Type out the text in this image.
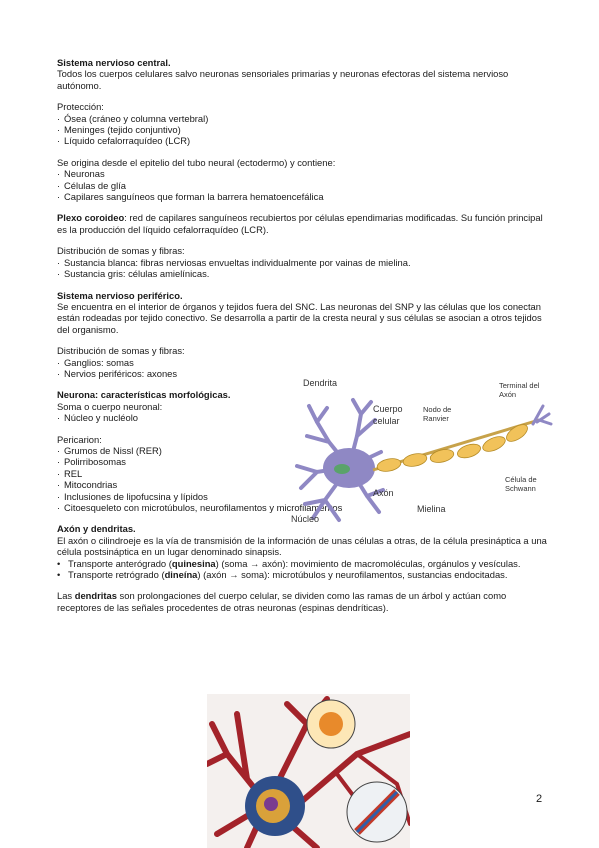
Sistema nervioso central.

Todos los cuerpos celulares salvo neuronas sensoriales primarias y neuronas efectoras del sistema nervioso autónomo.

Protección:

· Ósea (cráneo y columna vertebral)
· Meninges (tejido conjuntivo)
· Líquido cefalorraquídeo (LCR)

Se origina desde el epitelio del tubo neural (ectodermo) y contiene:

· Neuronas
· Células de glía
· Capilares sanguíneos que forman la barrera hematoencefálica

Plexo coroideo: red de capilares sanguíneos recubiertos por células ependimarias modificadas. Su función principal es la producción del líquido cefalorraquídeo (LCR).

Distribución de somas y fibras:

· Sustancia blanca: fibras nerviosas envueltas individualmente por vainas de mielina.
· Sustancia gris: células amielínicas.

Sistema nervioso periférico.

Se encuentra en el interior de órganos y tejidos fuera del SNC. Las neuronas del SNP y las células que los conectan están rodeadas por tejido conectivo. Se desarrolla a partir de la cresta neural y sus células se asocian a otros tejidos del organismo.

Distribución de somas y fibras:

· Ganglios: somas
· Nervios periféricos: axones

Neurona: características morfológicas.

Soma o cuerpo neuronal:

· Núcleo y nucléolo

Pericarion:

· Grumos de Nissl (RER)
· Polirribosomas
· REL
· Mitocondrias
· Inclusiones de lipofucsina y lípidos
· Citoesqueleto con microtúbulos, neurofilamentos y microfilamentos

Axón y dendritas.

El axón o cilindroeje es la vía de transmisión de la información de unas células a otras, de la célula presináptica a una célula postsináptica en un lugar denominado sinapsis.

• Transporte anterógrado (quinesina) (soma → axón): movimiento de macromoléculas, orgánulos y vesículas.
• Transporte retrógrado (dineína) (axón → soma): microtúbulos y neurofilamentos, sustancias endocitadas.

Las dendritas son prolongaciones del cuerpo celular, se dividen como las ramas de un árbol y actúan como receptores de las señales procedentes de otras neuronas (espinas dendríticas).

Dendrita
Cuerpo
celular
Axón
Mielina
Núcleo
Nodo de
Ranvier
Terminal del
Axón
Célula de
Schwann
2
